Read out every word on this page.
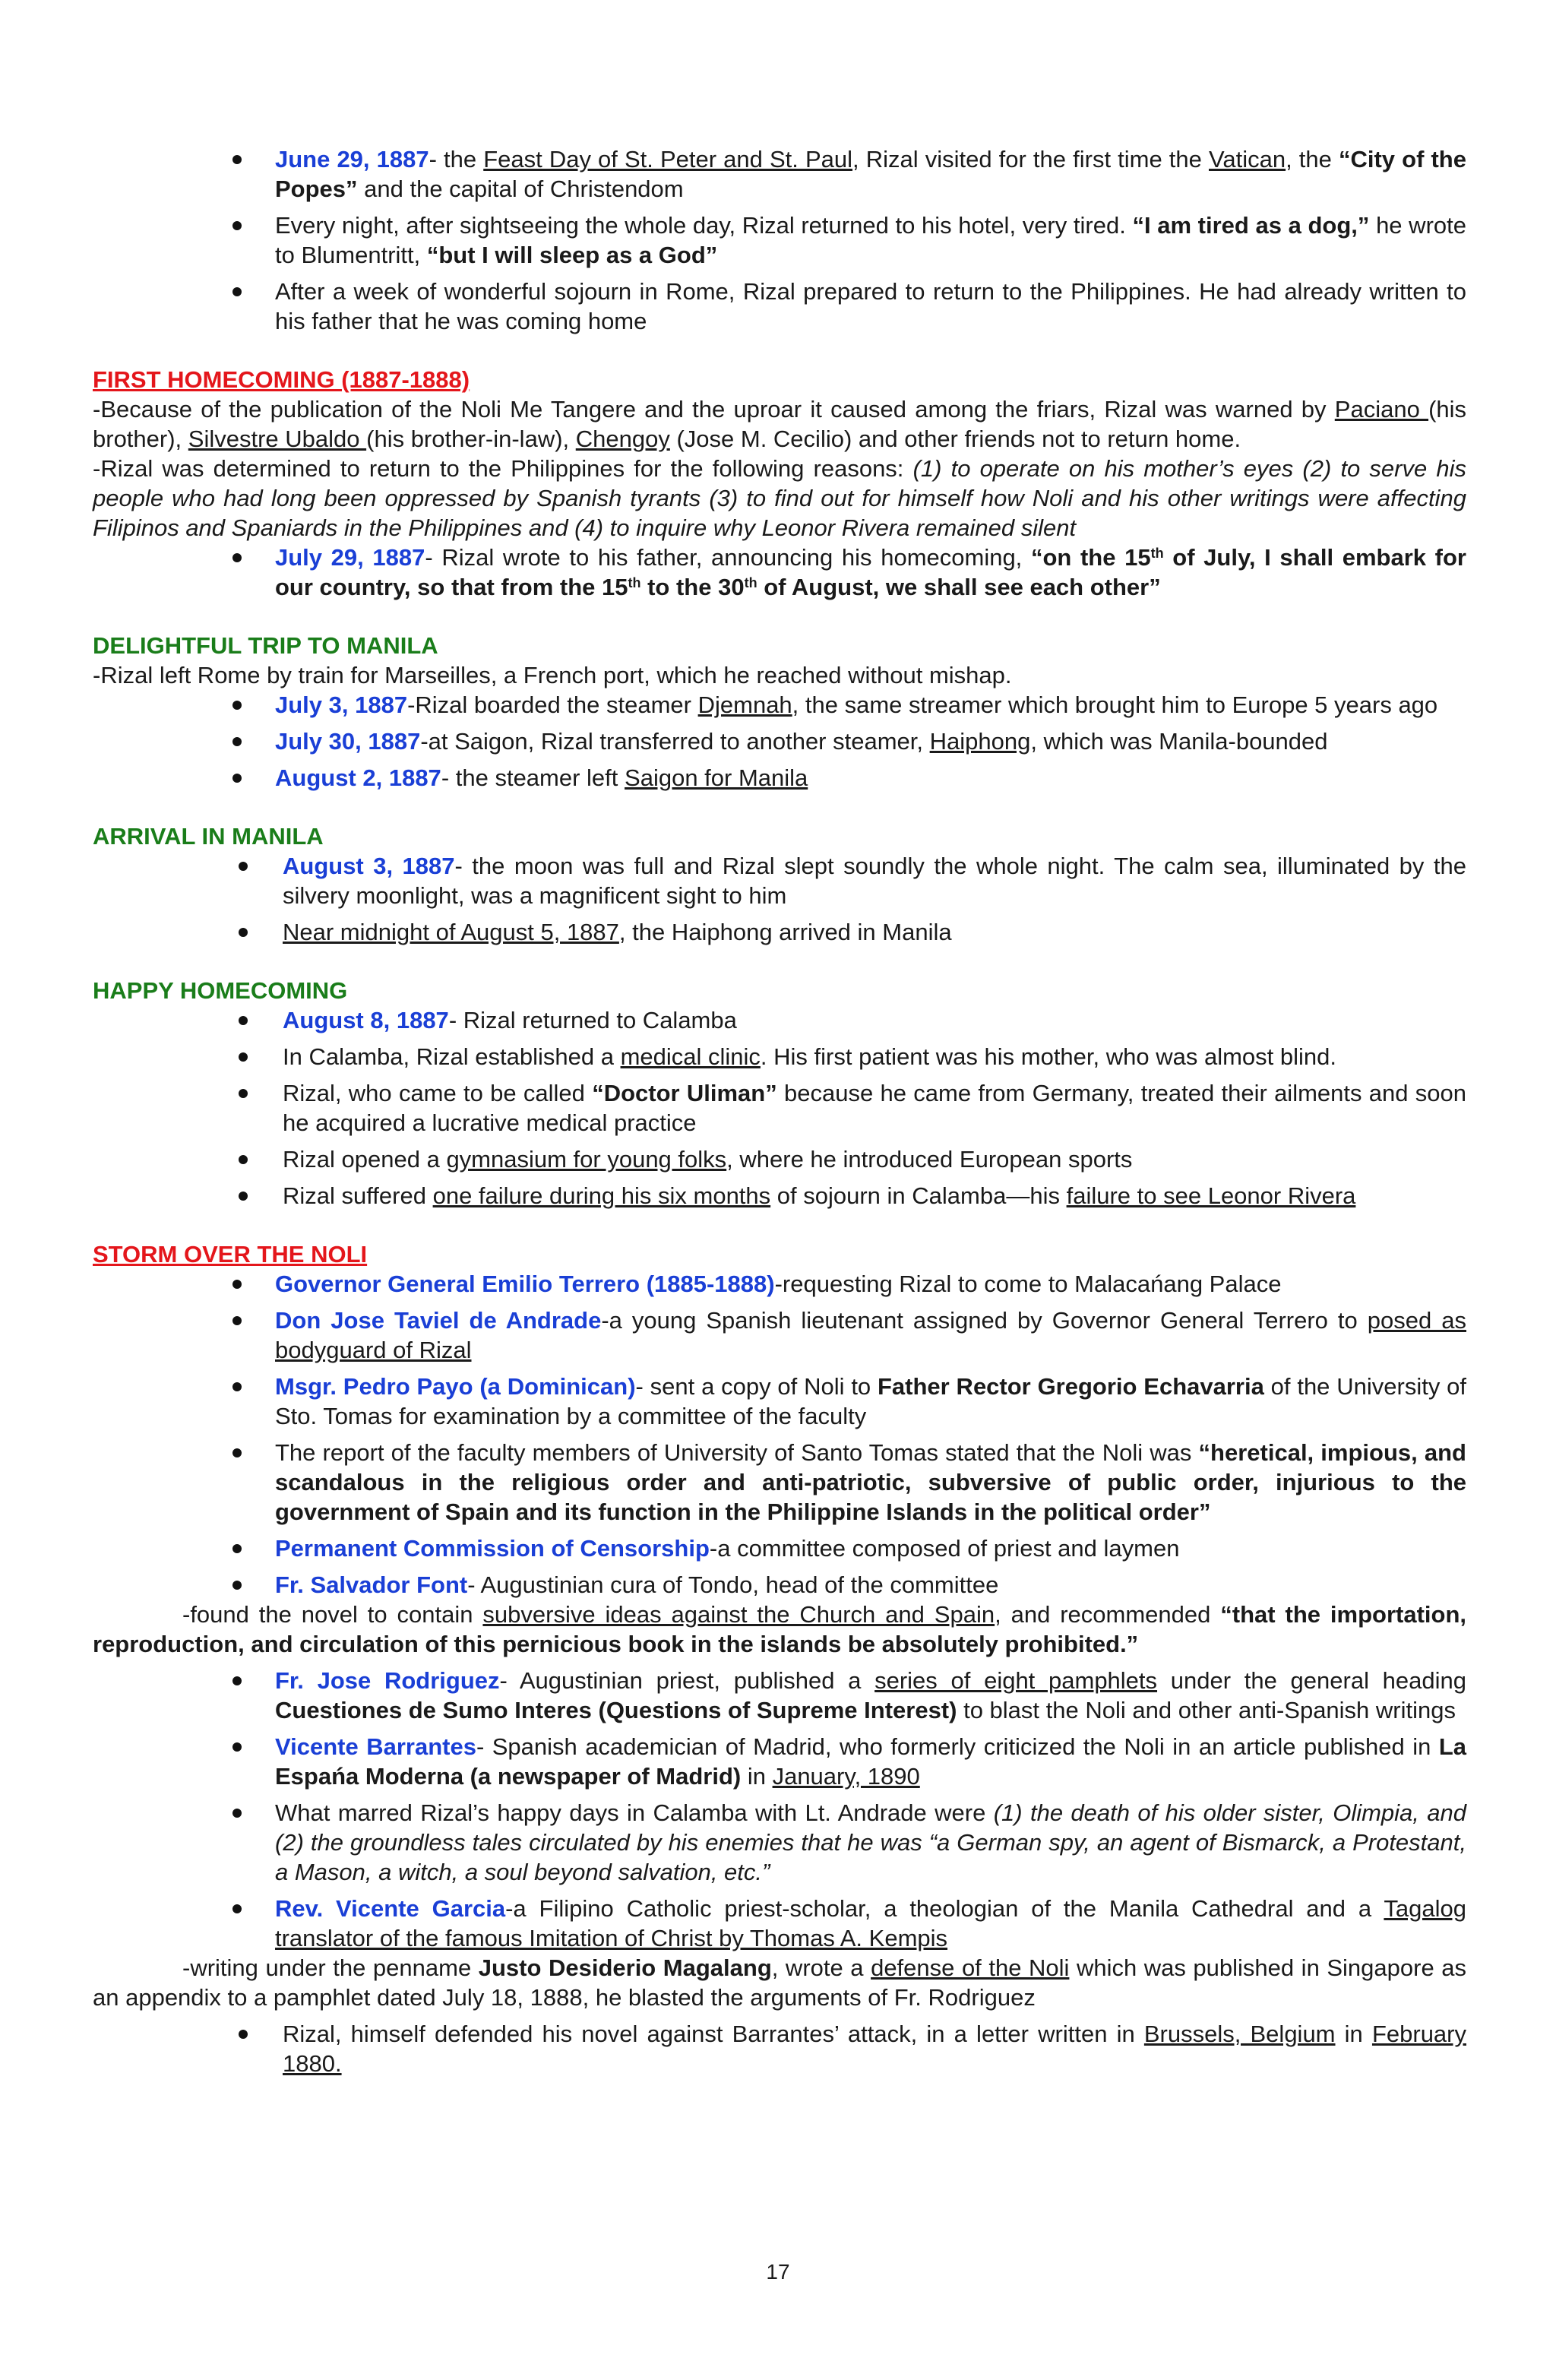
June 29, 1887- the Feast Day of St. Peter and St. Paul, Rizal visited for the first time the Vatican, the “City of the Popes” and the capital of Christendom
Every night, after sightseeing the whole day, Rizal returned to his hotel, very tired. “I am tired as a dog,” he wrote to Blumentritt, “but I will sleep as a God”
After a week of wonderful sojourn in Rome, Rizal prepared to return to the Philippines. He had already written to his father that he was coming home
FIRST HOMECOMING (1887-1888)

-Because of the publication of the Noli Me Tangere and the uproar it caused among the friars, Rizal was warned by Paciano (his brother), Silvestre Ubaldo (his brother-in-law), Chengoy (Jose M. Cecilio) and other friends not to return home.

-Rizal was determined to return to the Philippines for the following reasons: (1) to operate on his mother’s eyes (2) to serve his people who had long been oppressed by Spanish tyrants (3) to find out for himself how Noli and his other writings were affecting Filipinos and Spaniards in the Philippines and (4) to inquire why Leonor Rivera remained silent

July 29, 1887- Rizal wrote to his father, announcing his homecoming, “on the 15th of July, I shall embark for our country, so that from the 15th to the 30th of August, we shall see each other”
DELIGHTFUL TRIP TO MANILA

-Rizal left Rome by train for Marseilles, a French port, which he reached without mishap.

July 3, 1887-Rizal boarded the steamer Djemnah, the same streamer which brought him to Europe 5 years ago
July 30, 1887-at Saigon, Rizal transferred to another steamer, Haiphong, which was Manila-bounded
August 2, 1887- the steamer left Saigon for Manila
ARRIVAL IN MANILA
August 3, 1887- the moon was full and Rizal slept soundly the whole night. The calm sea, illuminated by the silvery moonlight, was a magnificent sight to him
Near midnight of August 5, 1887, the Haiphong arrived in Manila
HAPPY HOMECOMING
August 8, 1887- Rizal returned to Calamba
In Calamba, Rizal established a medical clinic. His first patient was his mother, who was almost blind.
Rizal, who came to be called “Doctor Uliman” because he came from Germany, treated their ailments and soon he acquired a lucrative medical practice
Rizal opened a gymnasium for young folks, where he introduced European sports
Rizal suffered one failure during his six months of sojourn in Calamba—his failure to see Leonor Rivera
STORM OVER THE NOLI
Governor General Emilio Terrero (1885-1888)-requesting Rizal to come to Malacańang Palace
Don Jose Taviel de Andrade-a young Spanish lieutenant assigned by Governor General Terrero to posed as bodyguard of Rizal
Msgr. Pedro Payo (a Dominican)- sent a copy of Noli to Father Rector Gregorio Echavarria of the University of Sto. Tomas for examination by a committee of the faculty
The report of the faculty members of University of Santo Tomas stated that the Noli was “heretical, impious, and scandalous in the religious order and anti-patriotic, subversive of public order, injurious to the government of Spain and its function in the Philippine Islands in the political order”
Permanent Commission of Censorship-a committee composed of priest and laymen
Fr. Salvador Font- Augustinian cura of Tondo, head of the committee

-found the novel to contain subversive ideas against the Church and Spain, and recommended “that the importation, reproduction, and circulation of this pernicious book in the islands be absolutely prohibited.”

Fr. Jose Rodriguez- Augustinian priest, published a series of eight pamphlets under the general heading Cuestiones de Sumo Interes (Questions of Supreme Interest) to blast the Noli and other anti-Spanish writings
Vicente Barrantes- Spanish academician of Madrid, who formerly criticized the Noli in an article published in La Espańa Moderna (a newspaper of Madrid) in January, 1890
What marred Rizal’s happy days in Calamba with Lt. Andrade were (1) the death of his older sister, Olimpia, and (2) the groundless tales circulated by his enemies that he was “a German spy, an agent of Bismarck, a Protestant, a Mason, a witch, a soul beyond salvation, etc.”
Rev. Vicente Garcia-a Filipino Catholic priest-scholar, a theologian of the Manila Cathedral and a Tagalog translator of the famous Imitation of Christ by Thomas A. Kempis

-writing under the penname Justo Desiderio Magalang, wrote a defense of the Noli which was published in Singapore as an appendix to a pamphlet dated July 18, 1888, he blasted the arguments of Fr. Rodriguez

Rizal, himself defended his novel against Barrantes’ attack, in a letter written in Brussels, Belgium in February 1880.
17
